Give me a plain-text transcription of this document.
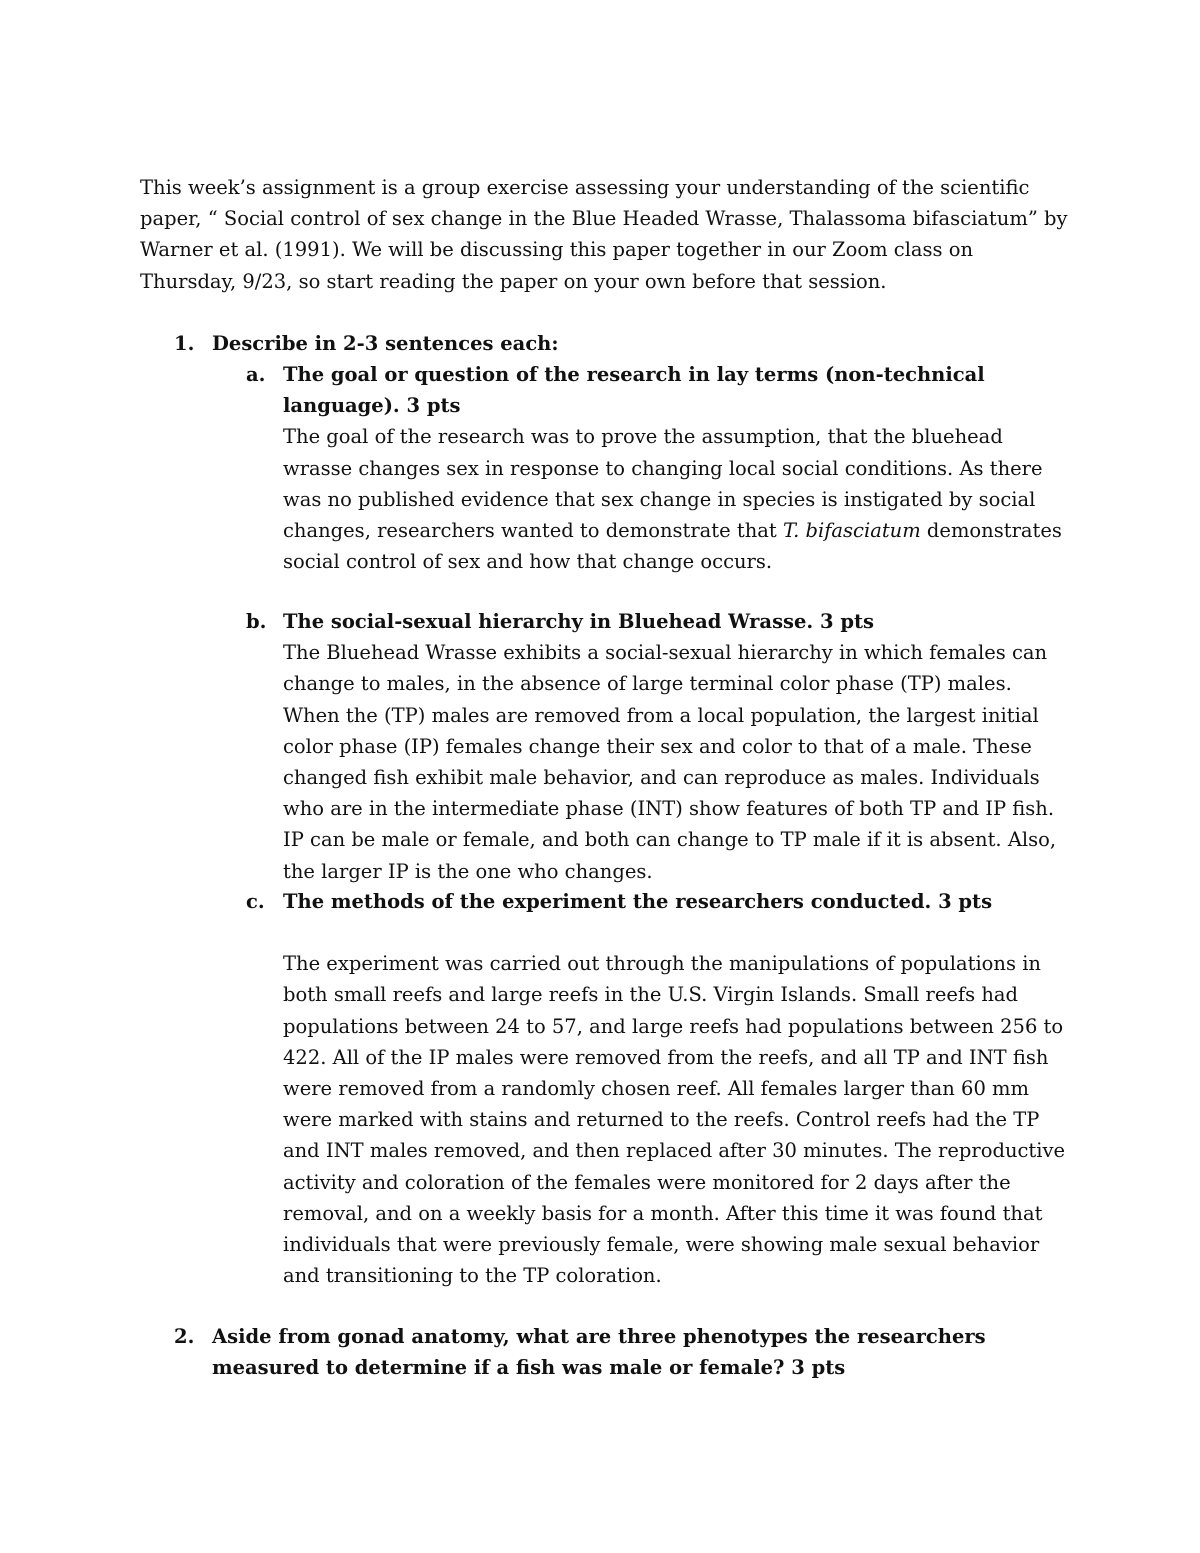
This week’s assignment is a group exercise assessing your understanding of the scientific paper, “ Social control of sex change in the Blue Headed Wrasse, Thalassoma bifasciatum” by Warner et al. (1991). We will be discussing this paper together in our Zoom class on Thursday, 9/23, so start reading the paper on your own before that session.
1. Describe in 2-3 sentences each:
a. The goal or question of the research in lay terms (non-technical language). 3 pts

The goal of the research was to prove the assumption, that the bluehead wrasse changes sex in response to changing local social conditions. As there was no published evidence that sex change in species is instigated by social changes, researchers wanted to demonstrate that T. bifasciatum demonstrates social control of sex and how that change occurs.

b. The social-sexual hierarchy in Bluehead Wrasse. 3 pts

The Bluehead Wrasse exhibits a social-sexual hierarchy in which females can change to males, in the absence of large terminal color phase (TP) males. When the (TP) males are removed from a local population, the largest initial color phase (IP) females change their sex and color to that of a male. These changed fish exhibit male behavior, and can reproduce as males. Individuals who are in the intermediate phase (INT) show features of both TP and IP fish. IP can be male or female, and both can change to TP male if it is absent. Also, the larger IP is the one who changes.

c. The methods of the experiment the researchers conducted. 3 pts

The experiment was carried out through the manipulations of populations in both small reefs and large reefs in the U.S. Virgin Islands. Small reefs had populations between 24 to 57, and large reefs had populations between 256 to 422. All of the IP males were removed from the reefs, and all TP and INT fish were removed from a randomly chosen reef. All females larger than 60 mm were marked with stains and returned to the reefs. Control reefs had the TP and INT males removed, and then replaced after 30 minutes. The reproductive activity and coloration of the females were monitored for 2 days after the removal, and on a weekly basis for a month. After this time it was found that individuals that were previously female, were showing male sexual behavior and transitioning to the TP coloration.

2. Aside from gonad anatomy, what are three phenotypes the researchers measured to determine if a fish was male or female? 3 pts
